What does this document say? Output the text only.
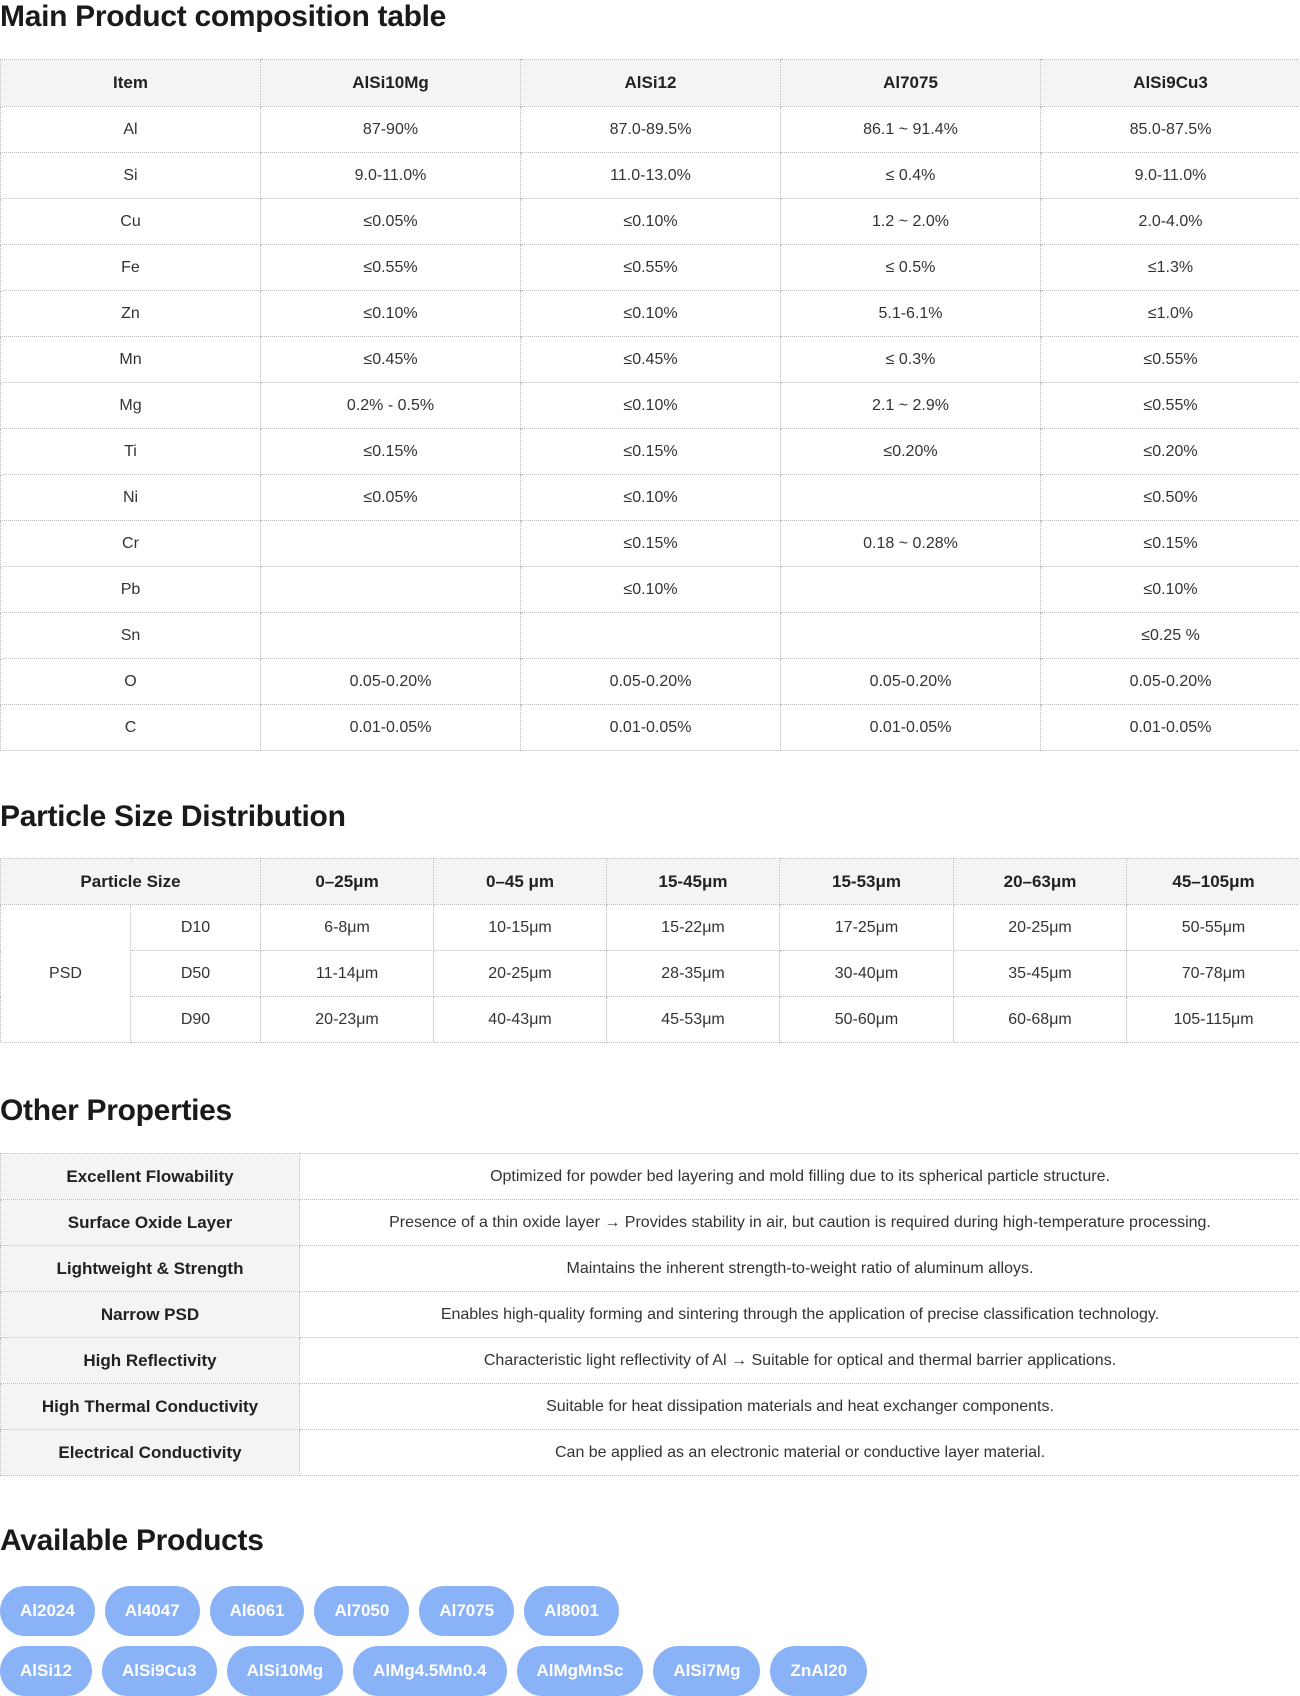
Main Product composition table
Item	AlSi10Mg	AlSi12	Al7075	AlSi9Cu3
Al	87-90%	87.0-89.5%	86.1 ~ 91.4%	85.0-87.5%
Si	9.0-11.0%	11.0-13.0%	≤ 0.4%	9.0-11.0%
Cu	≤0.05%	≤0.10%	1.2 ~ 2.0%	2.0-4.0%
Fe	≤0.55%	≤0.55%	≤ 0.5%	≤1.3%
Zn	≤0.10%	≤0.10%	5.1-6.1%	≤1.0%
Mn	≤0.45%	≤0.45%	≤ 0.3%	≤0.55%
Mg	0.2% - 0.5%	≤0.10%	2.1 ~ 2.9%	≤0.55%
Ti	≤0.15%	≤0.15%	≤0.20%	≤0.20%
Ni	≤0.05%	≤0.10%		≤0.50%
Cr		≤0.15%	0.18 ~ 0.28%	≤0.15%
Pb		≤0.10%		≤0.10%
Sn				≤0.25 %
O	0.05-0.20%	0.05-0.20%	0.05-0.20%	0.05-0.20%
C	0.01-0.05%	0.01-0.05%	0.01-0.05%	0.01-0.05%
Particle Size Distribution
Particle Size		0–25μm	0–45 μm	15-45μm	15-53μm	20–63μm	45–105μm
PSD	D10	6-8μm	10-15μm	15-22μm	17-25μm	20-25μm	50-55μm
	D50	11-14μm	20-25μm	28-35μm	30-40μm	35-45μm	70-78μm
	D90	20-23μm	40-43μm	45-53μm	50-60μm	60-68μm	105-115μm
Other Properties
Excellent Flowability	Optimized for powder bed layering and mold filling due to its spherical particle structure.
Surface Oxide Layer	Presence of a thin oxide layer → Provides stability in air, but caution is required during high-temperature processing.
Lightweight & Strength	Maintains the inherent strength-to-weight ratio of aluminum alloys.
Narrow PSD	Enables high-quality forming and sintering through the application of precise classification technology.
High Reflectivity	Characteristic light reflectivity of Al → Suitable for optical and thermal barrier applications.
High Thermal Conductivity	Suitable for heat dissipation materials and heat exchanger components.
Electrical Conductivity	Can be applied as an electronic material or conductive layer material.
Available Products
Al2024	Al4047	Al6061	Al7050	Al7075	Al8001
AlSi12	AlSi9Cu3	AlSi10Mg	AlMg4.5Mn0.4	AlMgMnSc	AlSi7Mg	ZnAl20
